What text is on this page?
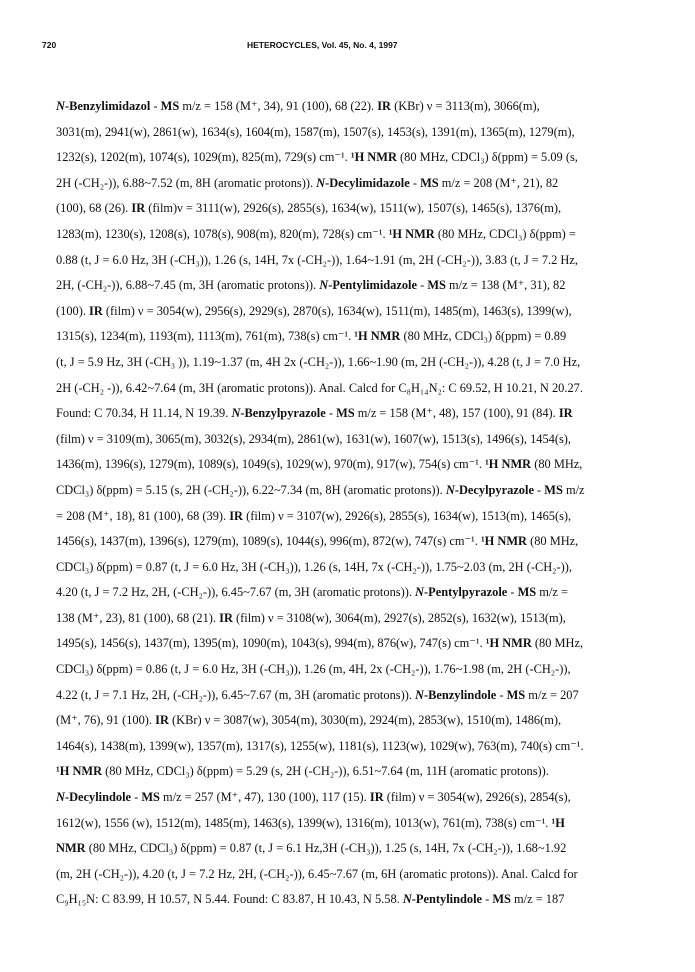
720	HETEROCYCLES, Vol. 45, No. 4, 1997
N-Benzylimidazol - MS m/z = 158 (M⁺, 34), 91 (100), 68 (22). IR (KBr) ν = 3113(m), 3066(m),
3031(m), 2941(w), 2861(w), 1634(s), 1604(m), 1587(m), 1507(s), 1453(s), 1391(m), 1365(m), 1279(m),
1232(s), 1202(m), 1074(s), 1029(m), 825(m), 729(s) cm⁻¹. ¹H NMR (80 MHz, CDCl₃) δ(ppm) = 5.09 (s,
2H (-CH₂-)), 6.88~7.52 (m, 8H (aromatic protons)). N-Decylimidazole - MS m/z = 208 (M⁺, 21), 82
(100), 68 (26). IR (film)ν = 3111(w), 2926(s), 2855(s), 1634(w), 1511(w), 1507(s), 1465(s), 1376(m),
1283(m), 1230(s), 1208(s), 1078(s), 908(m), 820(m), 728(s) cm⁻¹. ¹H NMR (80 MHz, CDCl₃) δ(ppm) =
0.88 (t, J = 6.0 Hz, 3H (-CH₃)), 1.26 (s, 14H, 7x (-CH₂-)), 1.64~1.91 (m, 2H (-CH₂-)), 3.83 (t, J = 7.2 Hz,
2H, (-CH₂-)), 6.88~7.45 (m, 3H (aromatic protons)). N-Pentylimidazole - MS m/z = 138 (M⁺, 31), 82
(100). IR (film) ν = 3054(w), 2956(s), 2929(s), 2870(s), 1634(w), 1511(m), 1485(m), 1463(s), 1399(w),
1315(s), 1234(m), 1193(m), 1113(m), 761(m), 738(s) cm⁻¹. ¹H NMR (80 MHz, CDCl₃) δ(ppm) = 0.89
(t, J = 5.9 Hz, 3H (-CH₃ )), 1.19~1.37 (m, 4H 2x (-CH₂-)), 1.66~1.90 (m, 2H (-CH₂-)), 4.28 (t, J = 7.0 Hz,
2H (-CH₂ -)), 6.42~7.64 (m, 3H (aromatic protons)). Anal. Calcd for C₈H₁₄N₂: C 69.52, H 10.21, N 20.27.
Found: C 70.34, H 11.14, N 19.39. N-Benzylpyrazole - MS m/z = 158 (M⁺, 48), 157 (100), 91 (84). IR
(film) ν = 3109(m), 3065(m), 3032(s), 2934(m), 2861(w), 1631(w), 1607(w), 1513(s), 1496(s), 1454(s),
1436(m), 1396(s), 1279(m), 1089(s), 1049(s), 1029(w), 970(m), 917(w), 754(s) cm⁻¹. ¹H NMR (80 MHz,
CDCl₃) δ(ppm) = 5.15 (s, 2H (-CH₂-)), 6.22~7.34 (m, 8H (aromatic protons)). N-Decylpyrazole - MS m/z
= 208 (M⁺, 18), 81 (100), 68 (39). IR (film) ν = 3107(w), 2926(s), 2855(s), 1634(w), 1513(m), 1465(s),
1456(s), 1437(m), 1396(s), 1279(m), 1089(s), 1044(s), 996(m), 872(w), 747(s) cm⁻¹. ¹H NMR (80 MHz,
CDCl₃) δ(ppm) = 0.87 (t, J = 6.0 Hz, 3H (-CH₃)), 1.26 (s, 14H, 7x (-CH₂-)), 1.75~2.03 (m, 2H (-CH₂-)),
4.20 (t, J = 7.2 Hz, 2H, (-CH₂-)), 6.45~7.67 (m, 3H (aromatic protons)). N-Pentylpyrazole - MS m/z =
138 (M⁺, 23), 81 (100), 68 (21). IR (film) ν = 3108(w), 3064(m), 2927(s), 2852(s), 1632(w), 1513(m),
1495(s), 1456(s), 1437(m), 1395(m), 1090(m), 1043(s), 994(m), 876(w), 747(s) cm⁻¹. ¹H NMR (80 MHz,
CDCl₃) δ(ppm) = 0.86 (t, J = 6.0 Hz, 3H (-CH₃)), 1.26 (m, 4H, 2x (-CH₂-)), 1.76~1.98 (m, 2H (-CH₂-)),
4.22 (t, J = 7.1 Hz, 2H, (-CH₂-)), 6.45~7.67 (m, 3H (aromatic protons)). N-Benzylindole - MS m/z = 207
(M⁺, 76), 91 (100). IR (KBr) ν = 3087(w), 3054(m), 3030(m), 2924(m), 2853(w), 1510(m), 1486(m),
1464(s), 1438(m), 1399(w), 1357(m), 1317(s), 1255(w), 1181(s), 1123(w), 1029(w), 763(m), 740(s) cm⁻¹.
¹H NMR (80 MHz, CDCl₃) δ(ppm) = 5.29 (s, 2H (-CH₂-)), 6.51~7.64 (m, 11H (aromatic protons)).
N-Decylindole - MS m/z = 257 (M⁺, 47), 130 (100), 117 (15). IR (film) ν = 3054(w), 2926(s), 2854(s),
1612(w), 1556 (w), 1512(m), 1485(m), 1463(s), 1399(w), 1316(m), 1013(w), 761(m), 738(s) cm⁻¹. ¹H
NMR (80 MHz, CDCl₃) δ(ppm) = 0.87 (t, J = 6.1 Hz,3H (-CH₃)), 1.25 (s, 14H, 7x (-CH₂-)), 1.68~1.92
(m, 2H (-CH₂-)), 4.20 (t, J = 7.2 Hz, 2H, (-CH₂-)), 6.45~7.67 (m, 6H (aromatic protons)). Anal. Calcd for
C₉H₁₅N: C 83.99, H 10.57, N 5.44. Found: C 83.87, H 10.43, N 5.58. N-Pentylindole - MS m/z = 187
